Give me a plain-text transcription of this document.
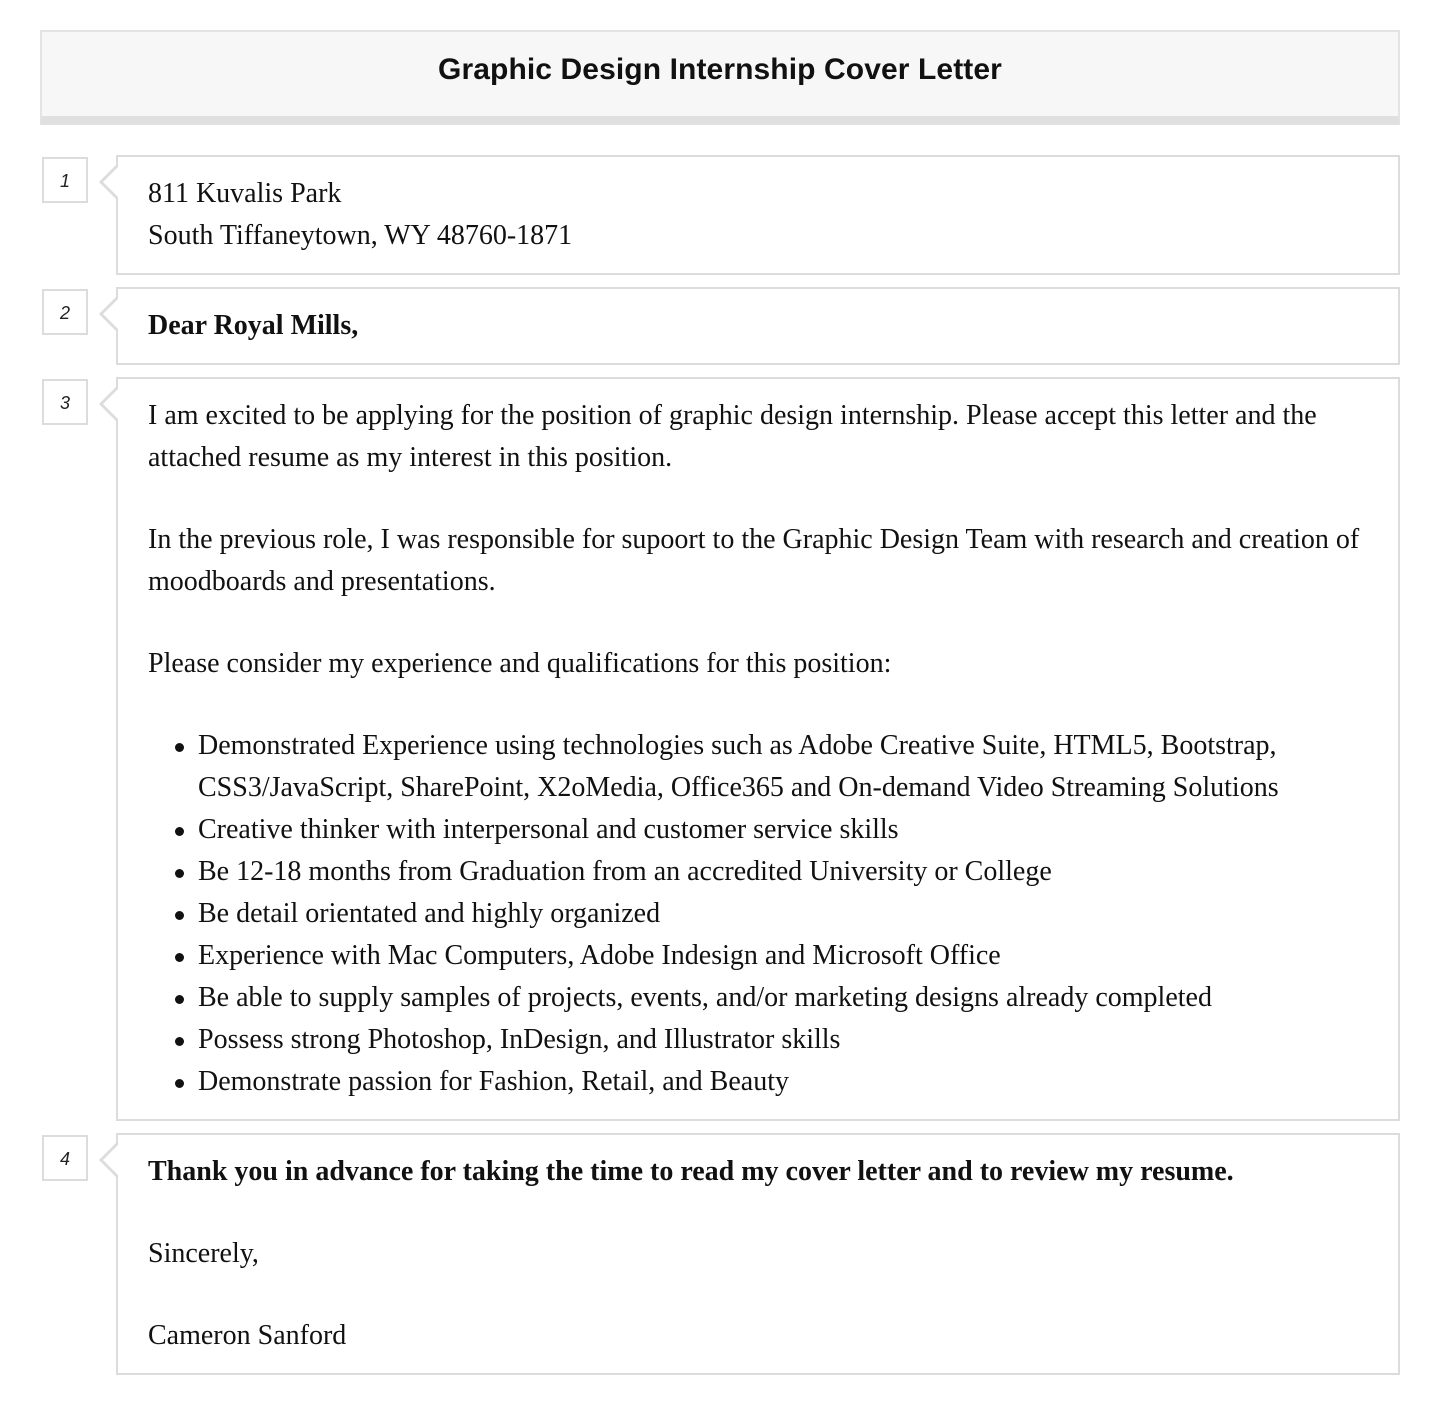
Graphic Design Internship Cover Letter
1	811 Kuvalis Park

South Tiffaneytown, WY 48760-1871

2	Dear Royal Mills,

3	I am excited to be applying for the position of graphic design internship. Please accept this letter and the attached resume as my interest in this position.

In the previous role, I was responsible for supoort to the Graphic Design Team with research and creation of moodboards and presentations.

Please consider my experience and qualifications for this position:

Demonstrated Experience using technologies such as Adobe Creative Suite, HTML5, Bootstrap, CSS3/JavaScript, SharePoint, X2oMedia, Office365 and On-demand Video Streaming Solutions
Creative thinker with interpersonal and customer service skills
Be 12-18 months from Graduation from an accredited University or College
Be detail orientated and highly organized
Experience with Mac Computers, Adobe Indesign and Microsoft Office
Be able to supply samples of projects, events, and/or marketing designs already completed
Possess strong Photoshop, InDesign, and Illustrator skills
Demonstrate passion for Fashion, Retail, and Beauty
4	Thank you in advance for taking the time to read my cover letter and to review my resume.

Sincerely,

Cameron Sanford
